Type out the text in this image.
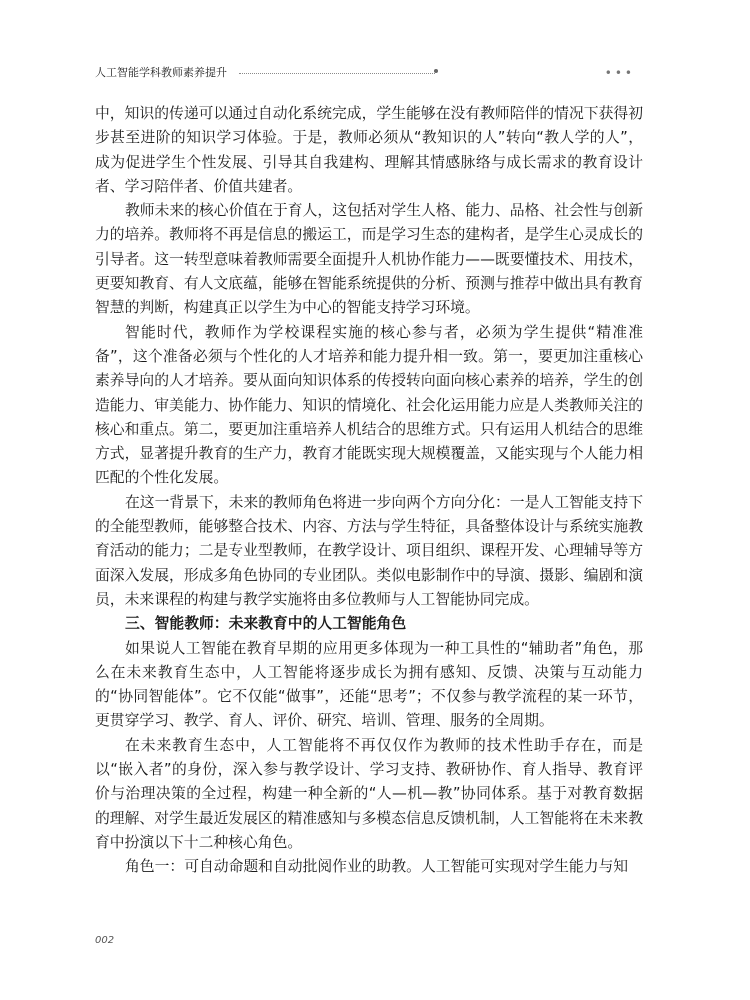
人工智能学科教师素养提升	•••

中，知识的传递可以通过自动化系统完成，学生能够在没有教师陪伴的情况下获得初步甚至进阶的知识学习体验。于是，教师必须从“教知识的人”转向“教人学的人”，成为促进学生个性发展、引导其自我建构、理解其情感脉络与成长需求的教育设计者、学习陪伴者、价值共建者。

教师未来的核心价值在于育人，这包括对学生人格、能力、品格、社会性与创新力的培养。教师将不再是信息的搬运工，而是学习生态的建构者，是学生心灵成长的引导者。这一转型意味着教师需要全面提升人机协作能力——既要懂技术、用技术，更要知教育、有人文底蕴，能够在智能系统提供的分析、预测与推荐中做出具有教育智慧的判断，构建真正以学生为中心的智能支持学习环境。

智能时代，教师作为学校课程实施的核心参与者，必须为学生提供“精准准备”，这个准备必须与个性化的人才培养和能力提升相一致。第一，要更加注重核心素养导向的人才培养。要从面向知识体系的传授转向面向核心素养的培养，学生的创造能力、审美能力、协作能力、知识的情境化、社会化运用能力应是人类教师关注的核心和重点。第二，要更加注重培养人机结合的思维方式。只有运用人机结合的思维方式，显著提升教育的生产力，教育才能既实现大规模覆盖，又能实现与个人能力相匹配的个性化发展。

在这一背景下，未来的教师角色将进一步向两个方向分化：一是人工智能支持下的全能型教师，能够整合技术、内容、方法与学生特征，具备整体设计与系统实施教育活动的能力；二是专业型教师，在教学设计、项目组织、课程开发、心理辅导等方面深入发展，形成多角色协同的专业团队。类似电影制作中的导演、摄影、编剧和演员，未来课程的构建与教学实施将由多位教师与人工智能协同完成。

三、智能教师：未来教育中的人工智能角色

如果说人工智能在教育早期的应用更多体现为一种工具性的“辅助者”角色，那么在未来教育生态中，人工智能将逐步成长为拥有感知、反馈、决策与互动能力的“协同智能体”。它不仅能“做事”，还能“思考”；不仅参与教学流程的某一环节，更贯穿学习、教学、育人、评价、研究、培训、管理、服务的全周期。

在未来教育生态中，人工智能将不再仅仅作为教师的技术性助手存在，而是以“嵌入者”的身份，深入参与教学设计、学习支持、教研协作、育人指导、教育评价与治理决策的全过程，构建一种全新的“人—机—教”协同体系。基于对教育数据的理解、对学生最近发展区的精准感知与多模态信息反馈机制，人工智能将在未来教育中扮演以下十二种核心角色。

角色一：可自动命题和自动批阅作业的助教。人工智能可实现对学生能力与知

002
